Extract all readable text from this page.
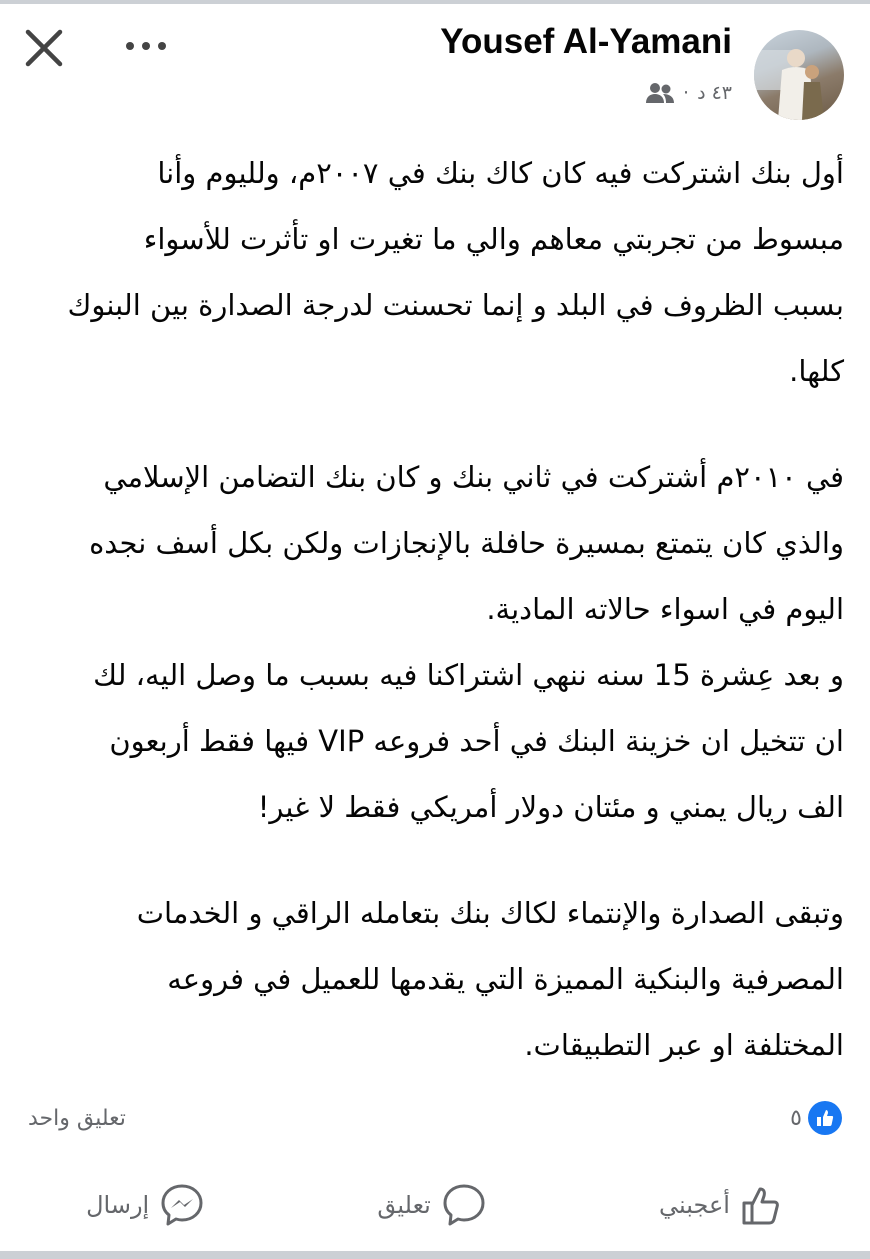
Yousef Al-Yamani
٤٣ د
·
أول بنك اشتركت فيه كان كاك بنك في ٢٠٠٧م، ولليوم وأنا
مبسوط من تجربتي معاهم والي ما تغيرت او تأثرت للأسواء
بسبب الظروف في البلد و إنما تحسنت لدرجة الصدارة بين البنوك
كلها.
في ٢٠١٠م أشتركت في ثاني بنك و كان بنك التضامن الإسلامي
والذي كان يتمتع بمسيرة حافلة بالإنجازات ولكن بكل أسف نجده
اليوم في اسواء حالاته المادية.
و بعد عِشرة 15 سنه ننهي اشتراكنا فيه بسبب ما وصل اليه، لك
ان تتخيل ان خزينة البنك في أحد فروعه VIP فيها فقط أربعون
الف ريال يمني و مئتان دولار أمريكي فقط لا غير!
وتبقى الصدارة والإنتماء لكاك بنك بتعامله الراقي و الخدمات
المصرفية والبنكية المميزة التي يقدمها للعميل في فروعه
المختلفة او عبر التطبيقات.
تعليق واحد	٥
أعجبني
تعليق
إرسال
